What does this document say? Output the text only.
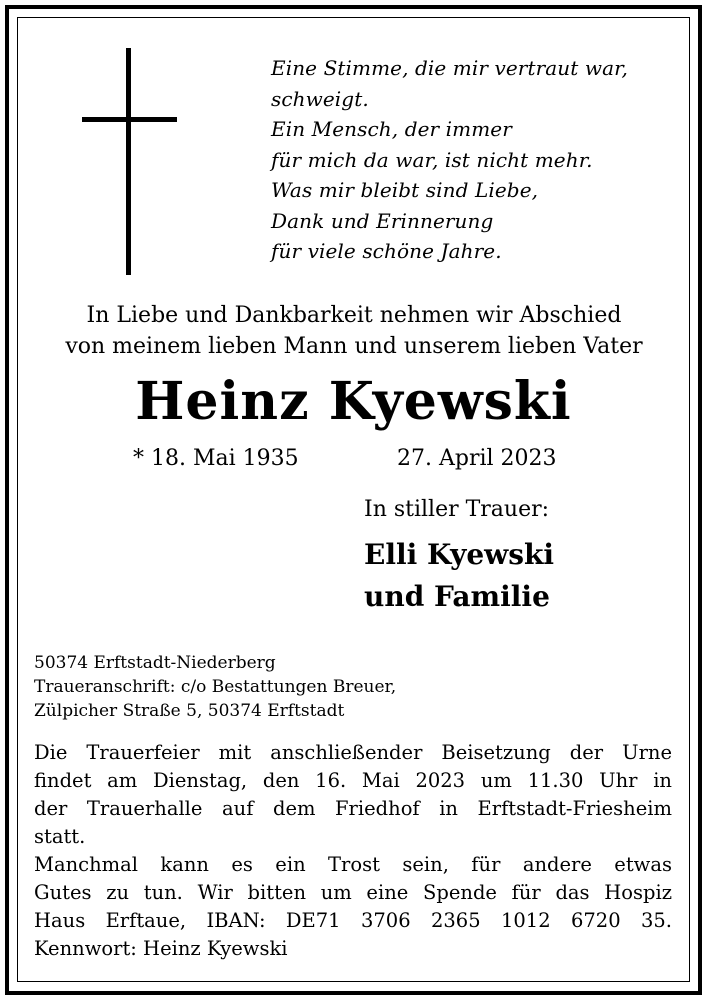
Eine Stimme, die mir vertraut war,
schweigt.
Ein Mensch, der immer
für mich da war, ist nicht mehr.
Was mir bleibt sind Liebe,
Dank und Erinnerung
für viele schöne Jahre.
In Liebe und Dankbarkeit nehmen wir Abschied
von meinem lieben Mann und unserem lieben Vater
Heinz Kyewski
* 18. Mai 1935	27. April 2023
In stiller Trauer:
Elli Kyewski
und Familie
50374 Erftstadt-Niederberg
Traueranschrift: c/o Bestattungen Breuer,
Zülpicher Straße 5, 50374 Erftstadt
Die Trauerfeier mit anschließender Beisetzung der Urne
findet am Dienstag, den 16. Mai 2023 um 11.30 Uhr in
der Trauerhalle auf dem Friedhof in Erftstadt-Friesheim
statt.
Manchmal kann es ein Trost sein, für andere etwas
Gutes zu tun. Wir bitten um eine Spende für das Hospiz
Haus Erftaue, IBAN: DE71 3706 2365 1012 6720 35.
Kennwort: Heinz Kyewski
